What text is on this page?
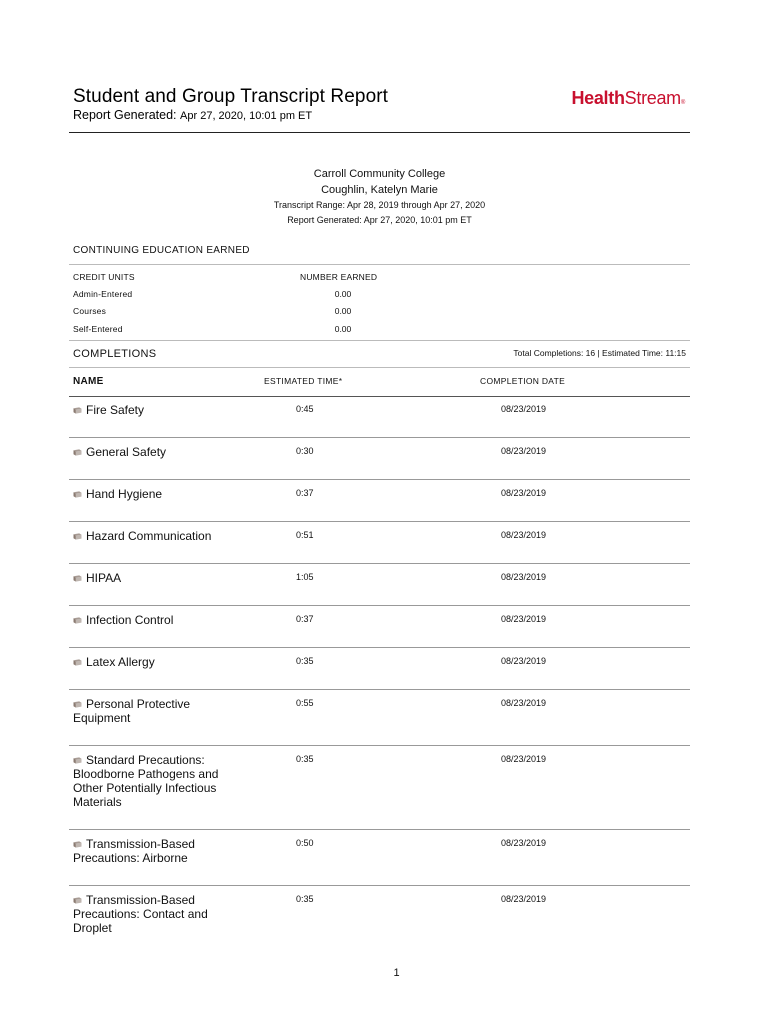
Student and Group Transcript Report
Report Generated: Apr 27, 2020, 10:01 pm ET
HealthStream®
Carroll Community College
Coughlin, Katelyn Marie
Transcript Range: Apr 28, 2019 through Apr 27, 2020
Report Generated: Apr 27, 2020, 10:01 pm ET
CONTINUING EDUCATION EARNED
CREDIT UNITS	NUMBER EARNED
Admin-Entered	0.00
Courses	0.00
Self-Entered	0.00
COMPLETIONS	Total Completions: 16 | Estimated Time: 11:15
NAME	ESTIMATED TIME*	COMPLETION DATE
Fire Safety	0:45	08/23/2019
General Safety	0:30	08/23/2019
Hand Hygiene	0:37	08/23/2019
Hazard Communication	0:51	08/23/2019
HIPAA	1:05	08/23/2019
Infection Control	0:37	08/23/2019
Latex Allergy	0:35	08/23/2019
Personal Protective Equipment
0:55	08/23/2019
Standard Precautions: Bloodborne Pathogens and Other Potentially Infectious Materials
0:35	08/23/2019
Transmission-Based Precautions: Airborne
0:50	08/23/2019
Transmission-Based Precautions: Contact and Droplet
0:35	08/23/2019
1
